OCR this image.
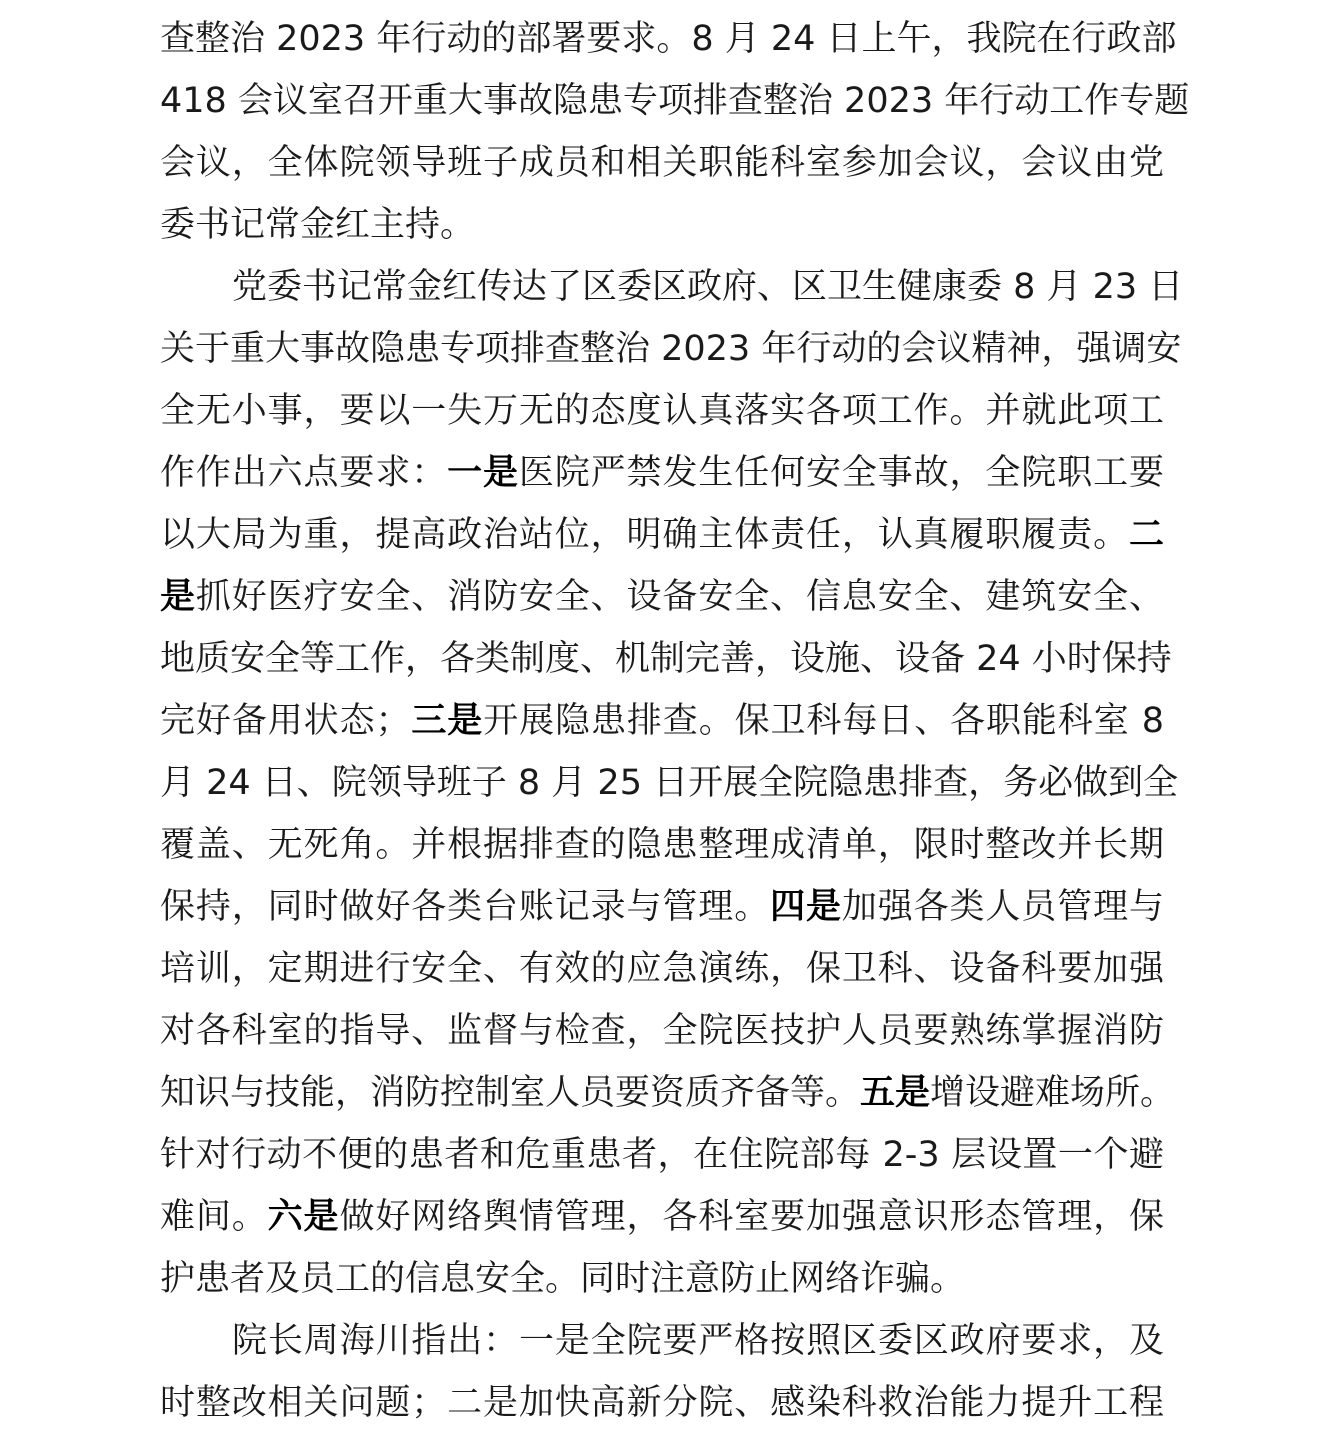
查整治 2023 年行动的部署要求。8 月 24 日上午，我院在行政部
418 会议室召开重大事故隐患专项排查整治 2023 年行动工作专题
会议，全体院领导班子成员和相关职能科室参加会议，会议由党
委书记常金红主持。
党委书记常金红传达了区委区政府、区卫生健康委 8 月 23 日
关于重大事故隐患专项排查整治 2023 年行动的会议精神，强调安
全无小事，要以一失万无的态度认真落实各项工作。并就此项工
作作出六点要求：一是医院严禁发生任何安全事故，全院职工要
以大局为重，提高政治站位，明确主体责任，认真履职履责。二
是抓好医疗安全、消防安全、设备安全、信息安全、建筑安全、
地质安全等工作，各类制度、机制完善，设施、设备 24 小时保持
完好备用状态；三是开展隐患排查。保卫科每日、各职能科室 8
月 24 日、院领导班子 8 月 25 日开展全院隐患排查，务必做到全
覆盖、无死角。并根据排查的隐患整理成清单，限时整改并长期
保持，同时做好各类台账记录与管理。四是加强各类人员管理与
培训，定期进行安全、有效的应急演练，保卫科、设备科要加强
对各科室的指导、监督与检查，全院医技护人员要熟练掌握消防
知识与技能，消防控制室人员要资质齐备等。五是增设避难场所。
针对行动不便的患者和危重患者，在住院部每 2-3 层设置一个避
难间。六是做好网络舆情管理，各科室要加强意识形态管理，保
护患者及员工的信息安全。同时注意防止网络诈骗。
院长周海川指出：一是全院要严格按照区委区政府要求，及
时整改相关问题；二是加快高新分院、感染科救治能力提升工程
